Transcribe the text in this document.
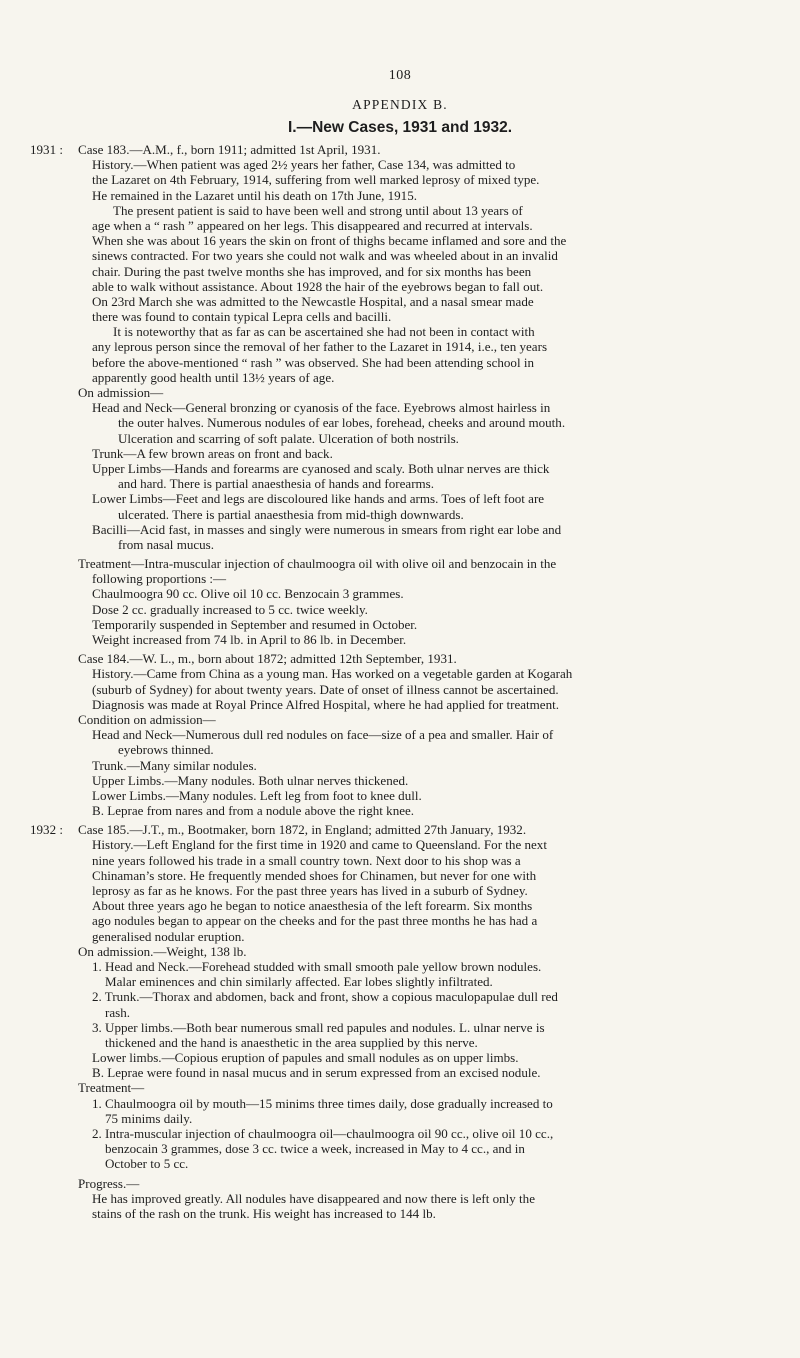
108
APPENDIX B.
I.—New Cases, 1931 and 1932.
1931 : Case 183.—A.M., f., born 1911; admitted 1st April, 1931.
History.—When patient was aged 2½ years her father, Case 134, was admitted to
the Lazaret on 4th February, 1914, suffering from well marked leprosy of mixed type.
He remained in the Lazaret until his death on 17th June, 1915.
The present patient is said to have been well and strong until about 13 years of
age when a “ rash ” appeared on her legs. This disappeared and recurred at intervals.
When she was about 16 years the skin on front of thighs became inflamed and sore and the
sinews contracted. For two years she could not walk and was wheeled about in an invalid
chair. During the past twelve months she has improved, and for six months has been
able to walk without assistance. About 1928 the hair of the eyebrows began to fall out.
On 23rd March she was admitted to the Newcastle Hospital, and a nasal smear made
there was found to contain typical Lepra cells and bacilli.
It is noteworthy that as far as can be ascertained she had not been in contact with
any leprous person since the removal of her father to the Lazaret in 1914, i.e., ten years
before the above-mentioned “ rash ” was observed. She had been attending school in
apparently good health until 13½ years of age.
On admission—
Head and Neck—General bronzing or cyanosis of the face. Eyebrows almost hairless in
the outer halves. Numerous nodules of ear lobes, forehead, cheeks and around mouth.
Ulceration and scarring of soft palate. Ulceration of both nostrils.
Trunk—A few brown areas on front and back.
Upper Limbs—Hands and forearms are cyanosed and scaly. Both ulnar nerves are thick
and hard. There is partial anaesthesia of hands and forearms.
Lower Limbs—Feet and legs are discoloured like hands and arms. Toes of left foot are
ulcerated. There is partial anaesthesia from mid-thigh downwards.
Bacilli—Acid fast, in masses and singly were numerous in smears from right ear lobe and
from nasal mucus.
Treatment—Intra-muscular injection of chaulmoogra oil with olive oil and benzocain in the
following proportions :—
Chaulmoogra 90 cc. Olive oil 10 cc. Benzocain 3 grammes.
Dose 2 cc. gradually increased to 5 cc. twice weekly.
Temporarily suspended in September and resumed in October.
Weight increased from 74 lb. in April to 86 lb. in December.
Case 184.—W. L., m., born about 1872; admitted 12th September, 1931.
History.—Came from China as a young man. Has worked on a vegetable garden at Kogarah
(suburb of Sydney) for about twenty years. Date of onset of illness cannot be ascertained.
Diagnosis was made at Royal Prince Alfred Hospital, where he had applied for treatment.
Condition on admission—
Head and Neck—Numerous dull red nodules on face—size of a pea and smaller. Hair of
eyebrows thinned.
Trunk.—Many similar nodules.
Upper Limbs.—Many nodules. Both ulnar nerves thickened.
Lower Limbs.—Many nodules. Left leg from foot to knee dull.
B. Leprae from nares and from a nodule above the right knee.
1932 : Case 185.—J.T., m., Bootmaker, born 1872, in England; admitted 27th January, 1932.
History.—Left England for the first time in 1920 and came to Queensland. For the next
nine years followed his trade in a small country town. Next door to his shop was a
Chinaman’s store. He frequently mended shoes for Chinamen, but never for one with
leprosy as far as he knows. For the past three years has lived in a suburb of Sydney.
About three years ago he began to notice anaesthesia of the left forearm. Six months
ago nodules began to appear on the cheeks and for the past three months he has had a
generalised nodular eruption.
On admission.—Weight, 138 lb.
1. Head and Neck.—Forehead studded with small smooth pale yellow brown nodules.
Malar eminences and chin similarly affected. Ear lobes slightly infiltrated.
2. Trunk.—Thorax and abdomen, back and front, show a copious maculopapulae dull red
rash.
3. Upper limbs.—Both bear numerous small red papules and nodules. L. ulnar nerve is
thickened and the hand is anaesthetic in the area supplied by this nerve.
Lower limbs.—Copious eruption of papules and small nodules as on upper limbs.
B. Leprae were found in nasal mucus and in serum expressed from an excised nodule.
Treatment—
1. Chaulmoogra oil by mouth—15 minims three times daily, dose gradually increased to
75 minims daily.
2. Intra-muscular injection of chaulmoogra oil—chaulmoogra oil 90 cc., olive oil 10 cc.,
benzocain 3 grammes, dose 3 cc. twice a week, increased in May to 4 cc., and in
October to 5 cc.
Progress.—
He has improved greatly. All nodules have disappeared and now there is left only the
stains of the rash on the trunk. His weight has increased to 144 lb.
